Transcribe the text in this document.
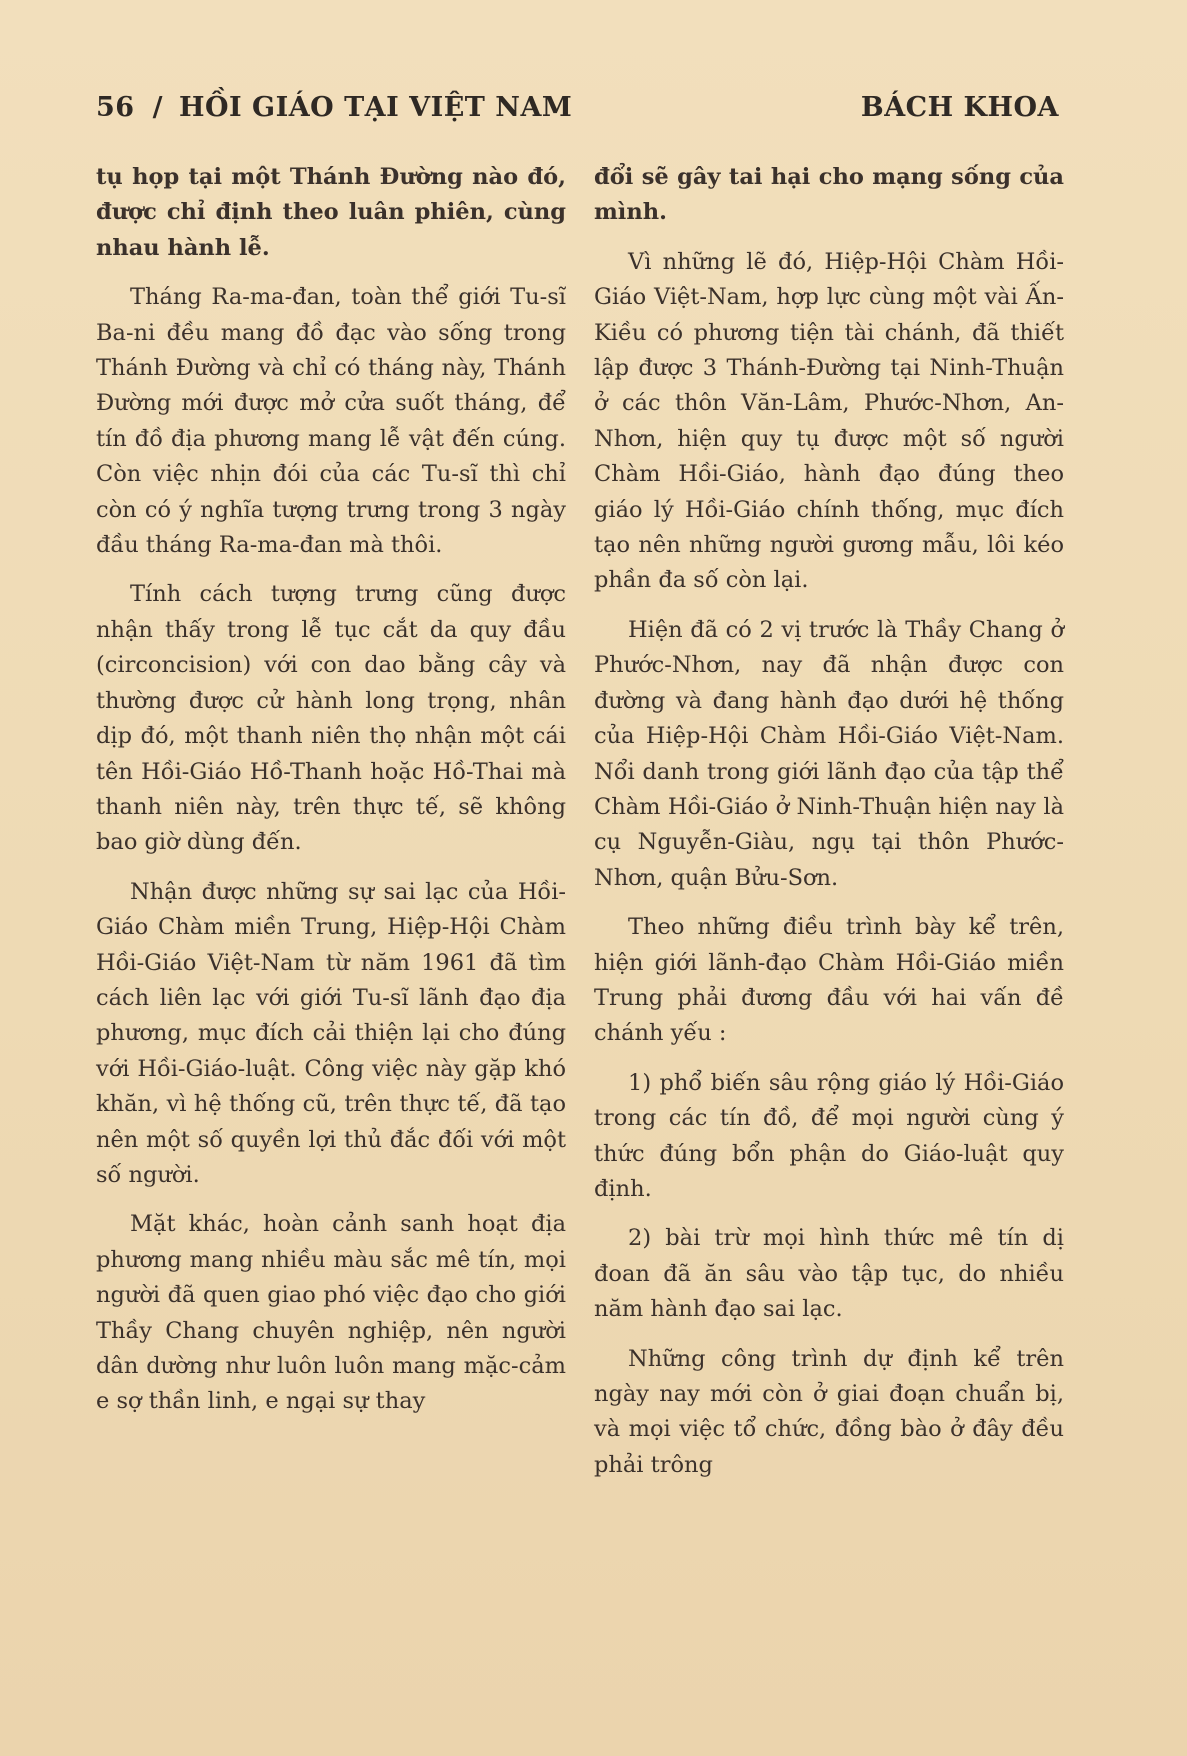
56 / HỒI GIÁO TẠI VIỆT NAM	BÁCH KHOA

tụ họp tại một Thánh Đường nào đó, được chỉ định theo luân phiên, cùng nhau hành lễ.

Tháng Ra-ma-đan, toàn thể giới Tu-sĩ Ba-ni đều mang đồ đạc vào sống trong Thánh Đường và chỉ có tháng này, Thánh Đường mới được mở cửa suốt tháng, để tín đồ địa phương mang lễ vật đến cúng. Còn việc nhịn đói của các Tu-sĩ thì chỉ còn có ý nghĩa tượng trưng trong 3 ngày đầu tháng Ra-ma-đan mà thôi.

Tính cách tượng trưng cũng được nhận thấy trong lễ tục cắt da quy đầu (circoncision) với con dao bằng cây và thường được cử hành long trọng, nhân dịp đó, một thanh niên thọ nhận một cái tên Hồi-Giáo Hồ-Thanh hoặc Hồ-Thai mà thanh niên này, trên thực tế, sẽ không bao giờ dùng đến.

Nhận được những sự sai lạc của Hồi-Giáo Chàm miền Trung, Hiệp-Hội Chàm Hồi-Giáo Việt-Nam từ năm 1961 đã tìm cách liên lạc với giới Tu-sĩ lãnh đạo địa phương, mục đích cải thiện lại cho đúng với Hồi-Giáo-luật. Công việc này gặp khó khăn, vì hệ thống cũ, trên thực tế, đã tạo nên một số quyền lợi thủ đắc đối với một số người.

Mặt khác, hoàn cảnh sanh hoạt địa phương mang nhiều màu sắc mê tín, mọi người đã quen giao phó việc đạo cho giới Thầy Chang chuyên nghiệp, nên người dân dường như luôn luôn mang mặc-cảm e sợ thần linh, e ngại sự thay

đổi sẽ gây tai hại cho mạng sống của mình.

Vì những lẽ đó, Hiệp-Hội Chàm Hồi-Giáo Việt-Nam, hợp lực cùng một vài Ấn-Kiều có phương tiện tài chánh, đã thiết lập được 3 Thánh-Đường tại Ninh-Thuận ở các thôn Văn-Lâm, Phước-Nhơn, An-Nhơn, hiện quy tụ được một số người Chàm Hồi-Giáo, hành đạo đúng theo giáo lý Hồi-Giáo chính thống, mục đích tạo nên những người gương mẫu, lôi kéo phần đa số còn lại.

Hiện đã có 2 vị trước là Thầy Chang ở Phước-Nhơn, nay đã nhận được con đường và đang hành đạo dưới hệ thống của Hiệp-Hội Chàm Hồi-Giáo Việt-Nam. Nổi danh trong giới lãnh đạo của tập thể Chàm Hồi-Giáo ở Ninh-Thuận hiện nay là cụ Nguyễn-Giàu, ngụ tại thôn Phước-Nhơn, quận Bửu-Sơn.

Theo những điều trình bày kể trên, hiện giới lãnh-đạo Chàm Hồi-Giáo miền Trung phải đương đầu với hai vấn đề chánh yếu :

1) phổ biến sâu rộng giáo lý Hồi-Giáo trong các tín đồ, để mọi người cùng ý thức đúng bổn phận do Giáo-luật quy định.

2) bài trừ mọi hình thức mê tín dị đoan đã ăn sâu vào tập tục, do nhiều năm hành đạo sai lạc.

Những công trình dự định kể trên ngày nay mới còn ở giai đoạn chuẩn bị, và mọi việc tổ chức, đồng bào ở đây đều phải trông
